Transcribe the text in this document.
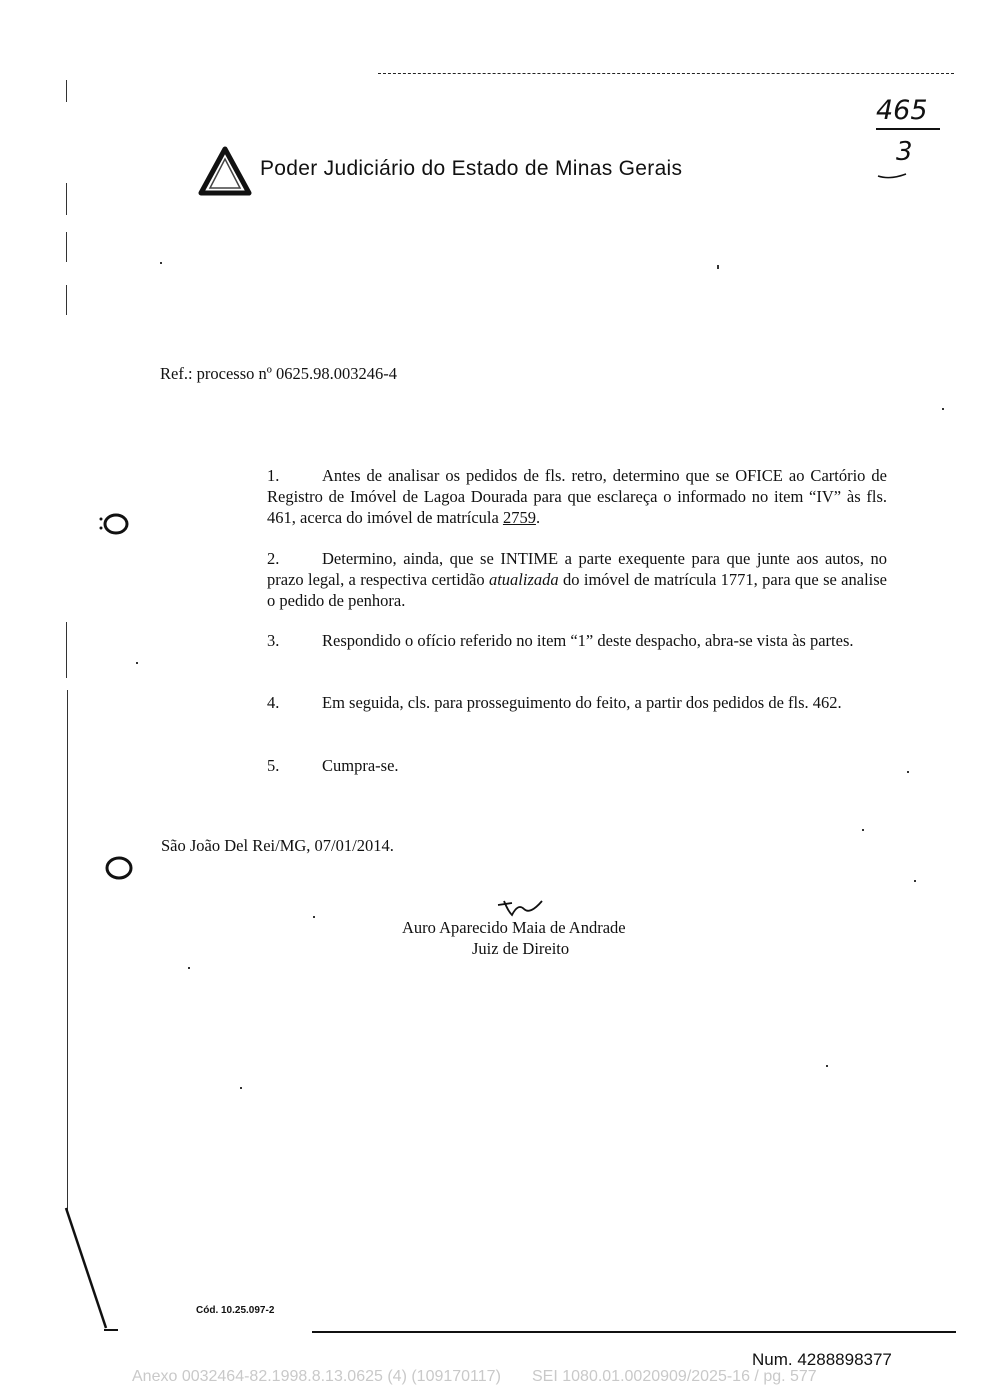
Poder Judiciário do Estado de Minas Gerais
465
3
Ref.: processo nº 0625.98.003246-4
1.	Antes de analisar os pedidos de fls. retro, determino que se OFICE ao Cartório de Registro de Imóvel de Lagoa Dourada para que esclareça o informado no item “IV” às fls. 461, acerca do imóvel de matrícula 2759.
2.	Determino, ainda, que se INTIME a parte exequente para que junte aos autos, no prazo legal, a respectiva certidão atualizada do imóvel de matrícula 1771, para que se analise o pedido de penhora.
3.	Respondido o ofício referido no item “1” deste despacho, abra-se vista às partes.
4.	Em seguida, cls. para prosseguimento do feito, a partir dos pedidos de fls. 462.
5.	Cumpra-se.
São João Del Rei/MG, 07/01/2014.
Auro Aparecido Maia de Andrade
Juiz de Direito
Cód. 10.25.097-2
Num. 4288898377
Anexo 0032464-82.1998.8.13.0625 (4) (109170117)       SEI 1080.01.0020909/2025-16 / pg. 577
